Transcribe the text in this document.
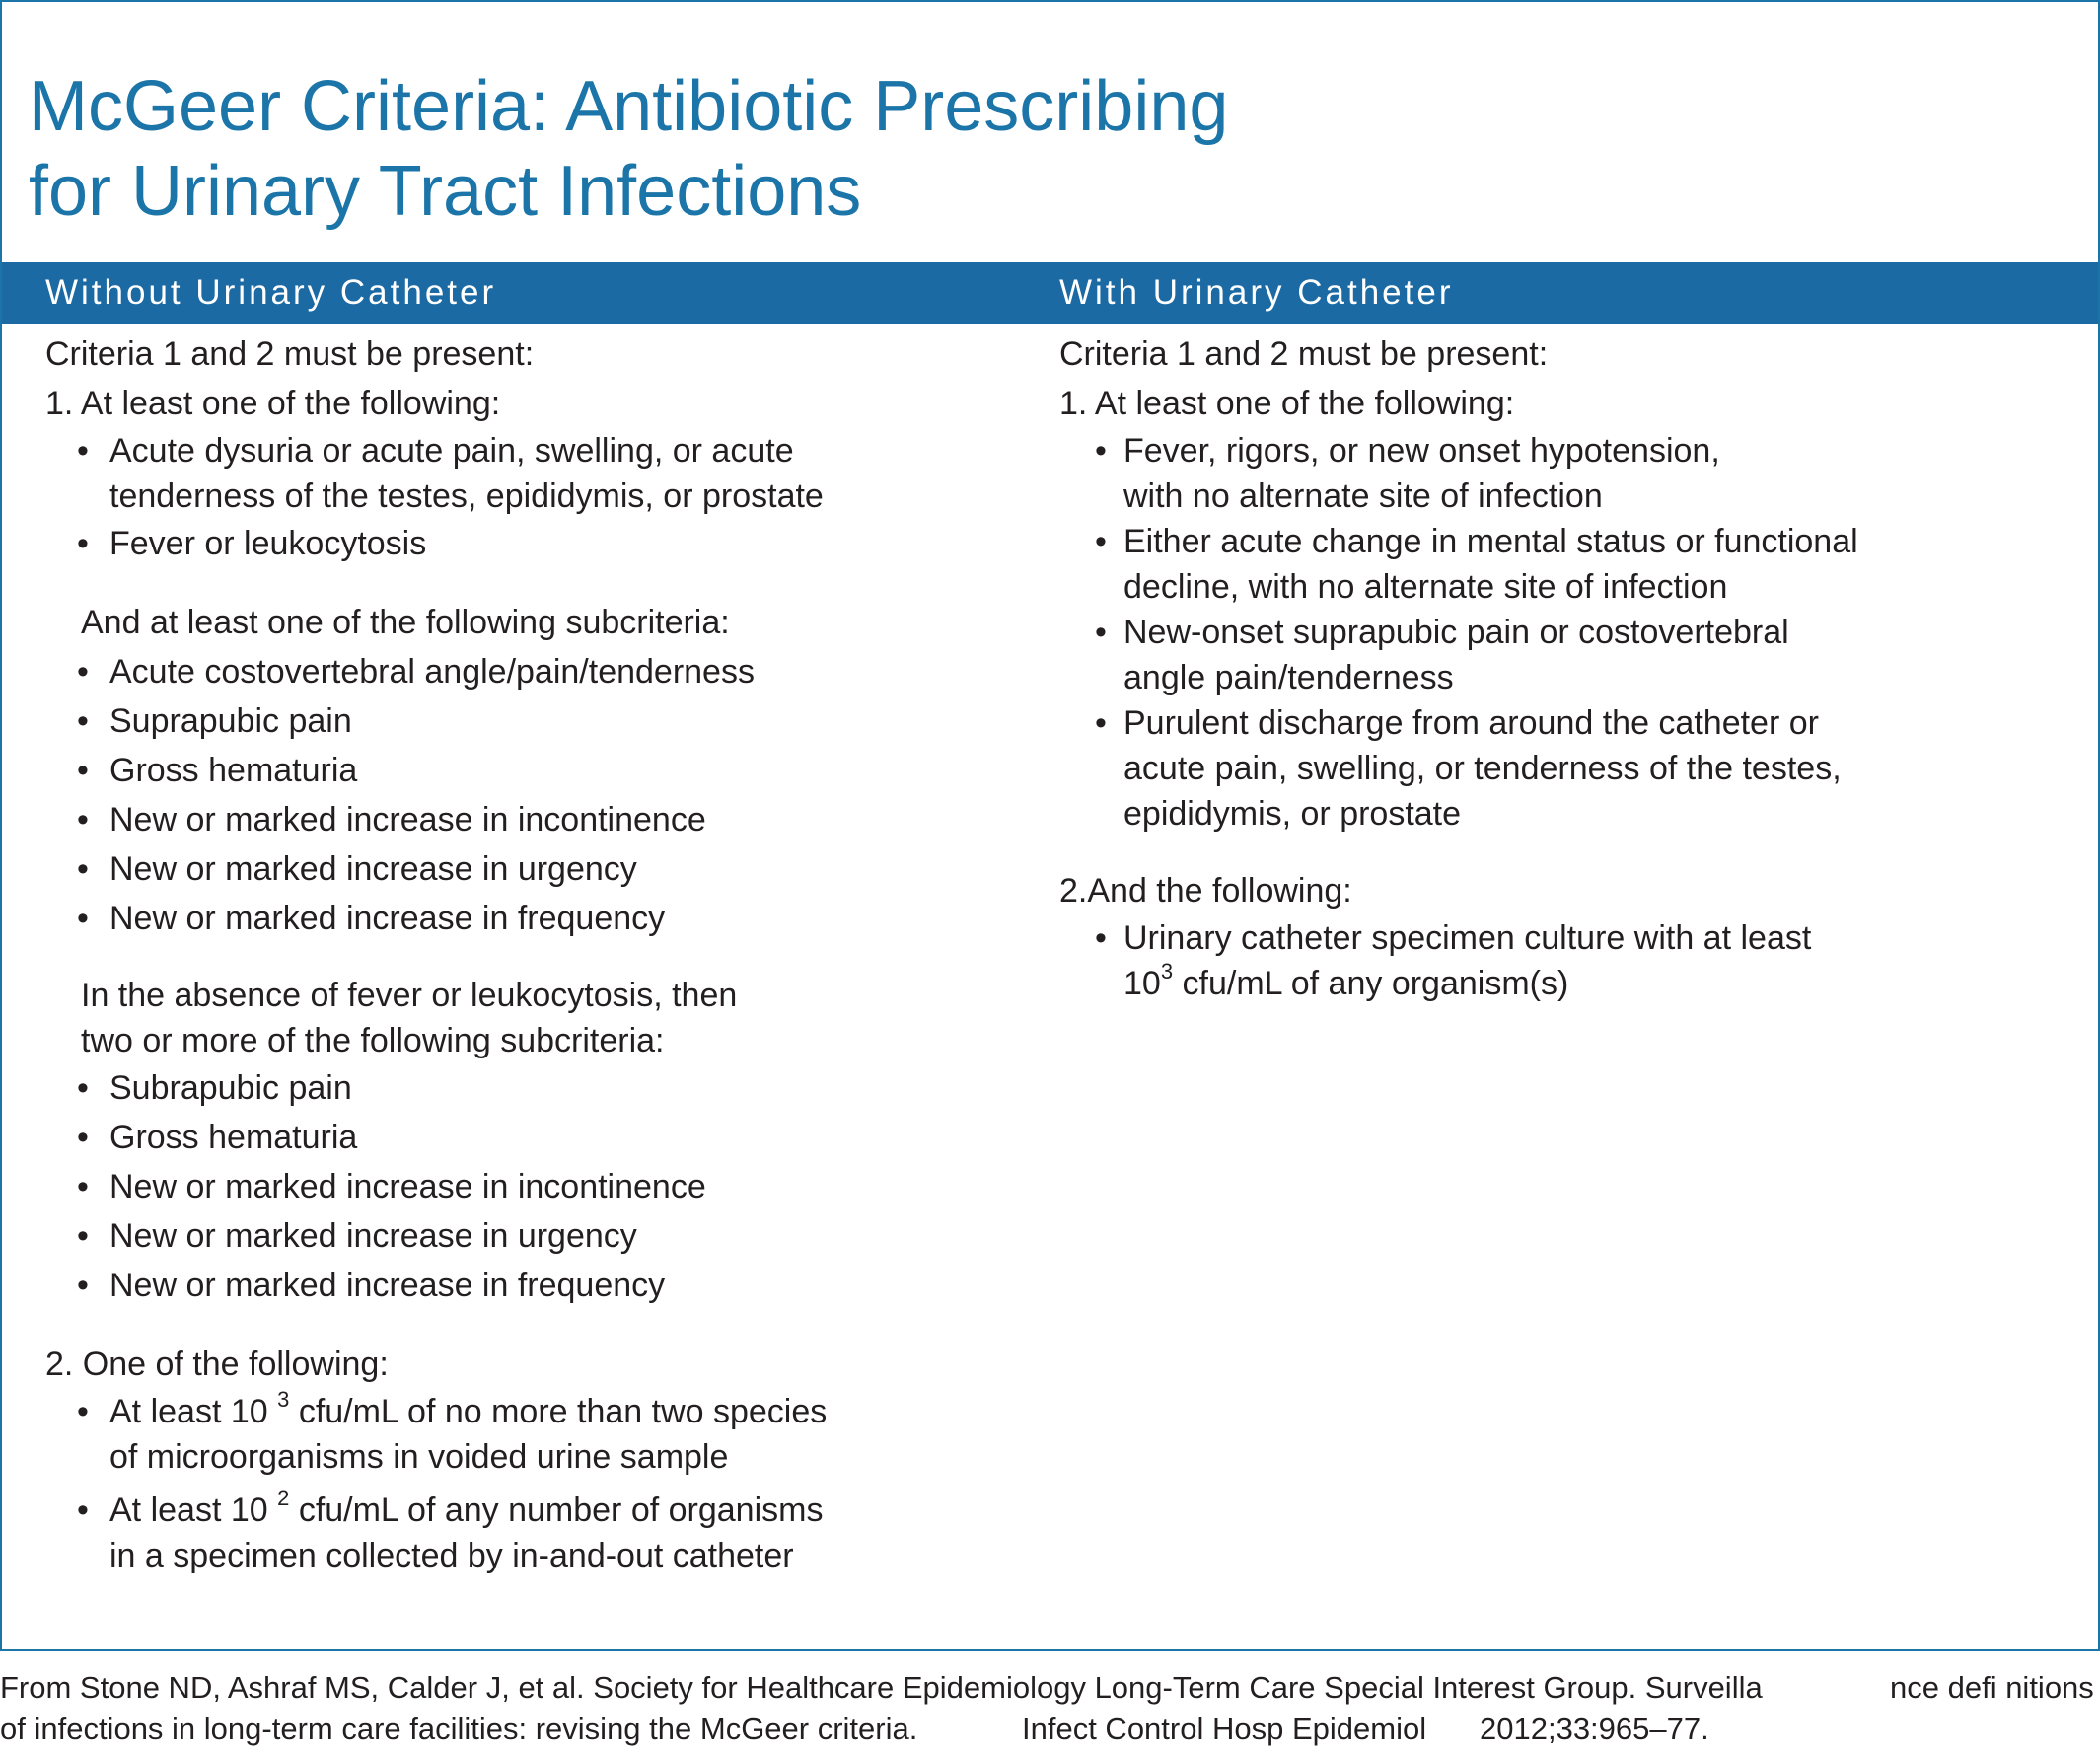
McGeer Criteria: Antibiotic Prescribing
for Urinary Tract Infections
Without Urinary Catheter	With Urinary Catheter
Criteria 1 and 2 must be present:
1. At least one of the following:
• Acute dysuria or acute pain, swelling, or acute
tenderness of the testes, epididymis, or prostate
• Fever or leukocytosis
And at least one of the following subcriteria:
• Acute costovertebral angle/pain/tenderness
• Suprapubic pain
• Gross hematuria
• New or marked increase in incontinence
• New or marked increase in urgency
• New or marked increase in frequency
In the absence of fever or leukocytosis, then
two or more of the following subcriteria:
• Subrapubic pain
• Gross hematuria
• New or marked increase in incontinence
• New or marked increase in urgency
• New or marked increase in frequency
2. One of the following:
• At least 10 $^3$ cfu/mL of no more than two species
of microorganisms in voided urine sample
• At least 10 $^2$ cfu/mL of any number of organisms
in a specimen collected by in-and-out catheter
Criteria 1 and 2 must be present:
1. At least one of the following:
• Fever, rigors, or new onset hypotension,
with no alternate site of infection
• Either acute change in mental status or functional
decline, with no alternate site of infection
• New-onset suprapubic pain or costovertebral
angle pain/tenderness
• Purulent discharge from around the catheter or
acute pain, swelling, or tenderness of the testes,
epididymis, or prostate
2.And the following:
• Urinary catheter specimen culture with at least
$10^3$ cfu/mL of any organism(s)
From Stone ND, Ashraf MS, Calder J, et al. Society for Healthcare Epidemiology Long-Term Care Special Interest Group. Surveilla	nce defi nitions
of infections in long-term care facilities: revising the McGeer criteria.	Infect Control Hosp Epidemiol 2012;33:965–77.
